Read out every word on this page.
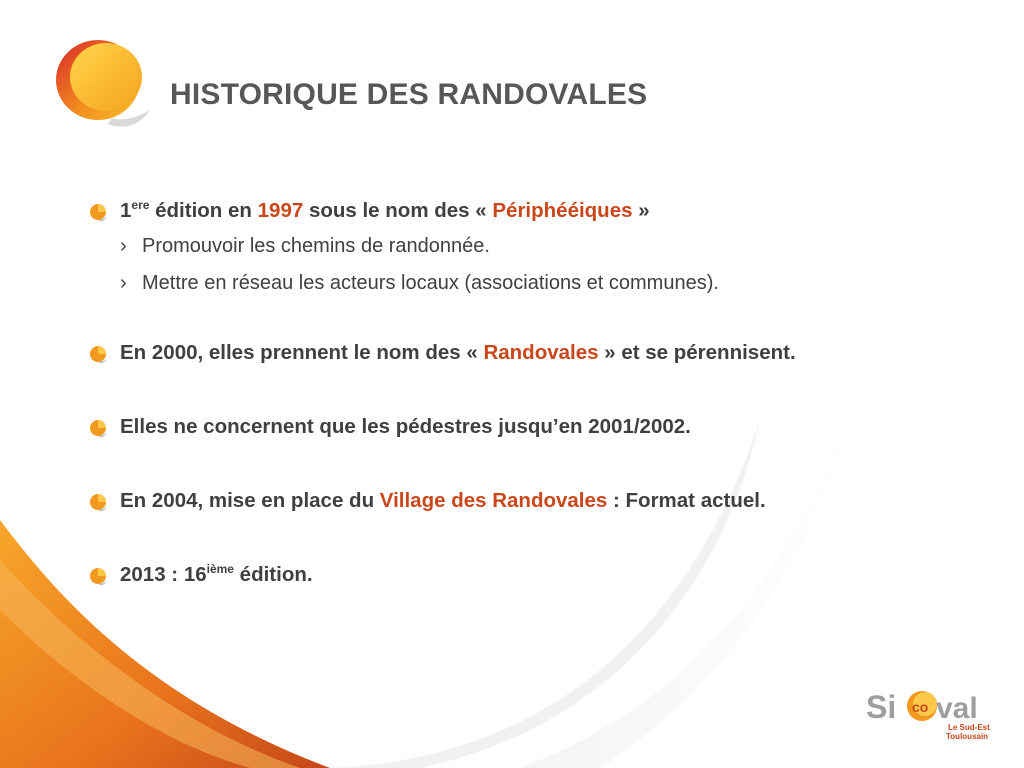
HISTORIQUE DES RANDOVALES
1ere édition en 1997 sous le nom des « Périphééiques »
› Promouvoir les chemins de randonnée.
› Mettre en réseau les acteurs locaux (associations et communes).
En 2000, elles prennent le nom des « Randovales » et se pérennisent.
Elles ne concernent que les pédestres jusqu’en 2001/2002.
En 2004, mise en place du Village des Randovales : Format actuel.
2013 : 16ième édition.
Si co val
Le Sud-Est
Toulousain
